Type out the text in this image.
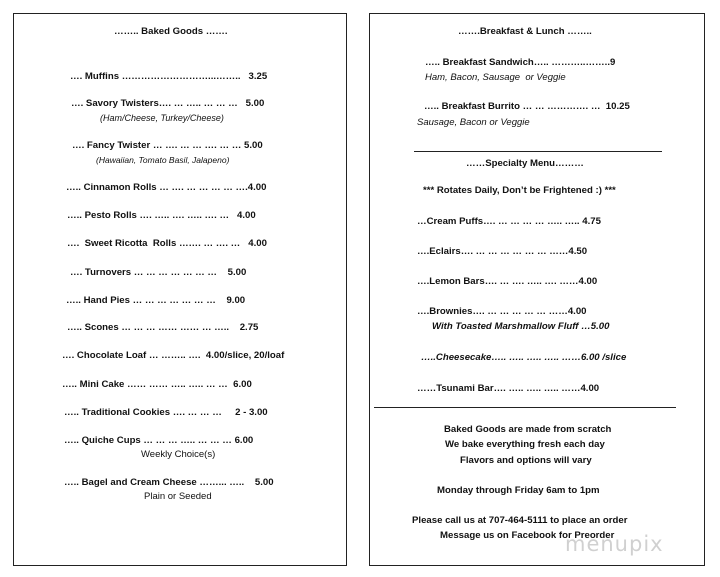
…….. Baked Goods …….
…. Muffins ………………………...……..   3.25
…. Savory Twisters…. … ….. … … …   5.00
(Ham/Cheese, Turkey/Cheese)
…. Fancy Twister … …. … … …. … … 5.00
(Hawaiian, Tomato Basil, Jalapeno)
….. Cinnamon Rolls … …. … … … … ….4.00
….. Pesto Rolls …. ….. …. ….. …. …   4.00
….  Sweet Ricotta  Rolls ……. … …. …   4.00
…. Turnovers … … … … … … …    5.00
….. Hand Pies … … … … … … …    9.00
….. Scones … … … …… …… … …..    2.75
…. Chocolate Loaf … …….. ….  4.00/slice, 20/loaf
….. Mini Cake …… …… ….. ….. … …  6.00
….. Traditional Cookies …. … … …     2 - 3.00
….. Quiche Cups … … … ….. … … … 6.00
Weekly Choice(s)
….. Bagel and Cream Cheese ……... …..    5.00
Plain or Seeded
…….Breakfast & Lunch ……..
….. Breakfast Sandwich….. ………..……..9
Ham, Bacon, Sausage  or Veggie
….. Breakfast Burrito … … …………. …  10.25
Sausage, Bacon or Veggie
……Specialty Menu………
*** Rotates Daily, Don’t be Frightened :) ***
…Cream Puffs…. … … … … ….. ….. 4.75
….Eclairs…. … … … … … … ……4.50
….Lemon Bars…. … …. ….. …. ……4.00
….Brownies…. … … … … … ……4.00
With Toasted Marshmallow Fluff …5.00
…..Cheesecake….. ….. ….. ….. ……6.00 /slice
……Tsunami Bar…. ….. ….. ….. ……4.00
Baked Goods are made from scratch
We bake everything fresh each day
Flavors and options will vary
Monday through Friday 6am to 1pm
Please call us at 707-464-5111 to place an order
Message us on Facebook for Preorder
menupix
